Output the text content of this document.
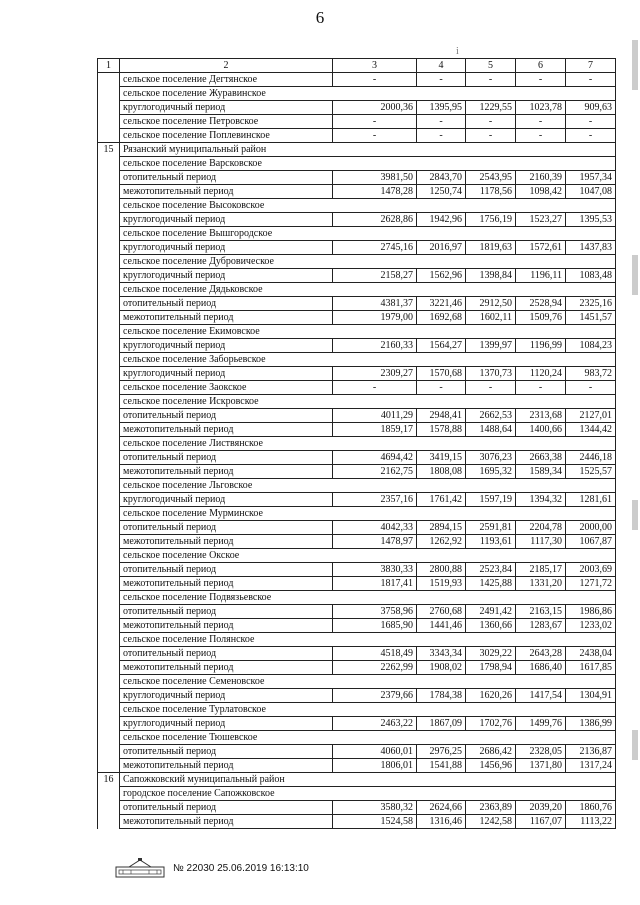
6
i
1	2	3	4	5	6	7
	сельское поселение Дегтянское	-	-	-	-	-
	сельское поселение Журавинское					
	круглогодичный период	2000,36	1395,95	1229,55	1023,78	909,63
	сельское поселение Петровское	-	-	-	-	-
	сельское поселение Поплевинское	-	-	-	-	-
15	Рязанский муниципальный район					
	сельское поселение Варсковское					
	отопительный период	3981,50	2843,70	2543,95	2160,39	1957,34
	межотопительный период	1478,28	1250,74	1178,56	1098,42	1047,08
	сельское поселение Высоковское					
	круглогодичный период	2628,86	1942,96	1756,19	1523,27	1395,53
	сельское поселение Вышгородское					
	круглогодичный период	2745,16	2016,97	1819,63	1572,61	1437,83
	сельское поселение Дубровическое					
	круглогодичный период	2158,27	1562,96	1398,84	1196,11	1083,48
	сельское поселение Дядьковское					
	отопительный период	4381,37	3221,46	2912,50	2528,94	2325,16
	межотопительный период	1979,00	1692,68	1602,11	1509,76	1451,57
	сельское поселение Екимовское					
	круглогодичный период	2160,33	1564,27	1399,97	1196,99	1084,23
	сельское поселение Заборьевское					
	круглогодичный период	2309,27	1570,68	1370,73	1120,24	983,72
	сельское поселение Заокское	-	-	-	-	-
	сельское поселение Искровское					
	отопительный период	4011,29	2948,41	2662,53	2313,68	2127,01
	межотопительный период	1859,17	1578,88	1488,64	1400,66	1344,42
	сельское поселение Листвянское					
	отопительный период	4694,42	3419,15	3076,23	2663,38	2446,18
	межотопительный период	2162,75	1808,08	1695,32	1589,34	1525,57
	сельское поселение Льговское					
	круглогодичный период	2357,16	1761,42	1597,19	1394,32	1281,61
	сельское поселение Мурминское					
	отопительный период	4042,33	2894,15	2591,81	2204,78	2000,00
	межотопительный период	1478,97	1262,92	1193,61	1117,30	1067,87
	сельское поселение Окское					
	отопительный период	3830,33	2800,88	2523,84	2185,17	2003,69
	межотопительный период	1817,41	1519,93	1425,88	1331,20	1271,72
	сельское поселение Подвязьевское					
	отопительный период	3758,96	2760,68	2491,42	2163,15	1986,86
	межотопительный период	1685,90	1441,46	1360,66	1283,67	1233,02
	сельское поселение Полянское					
	отопительный период	4518,49	3343,34	3029,22	2643,28	2438,04
	межотопительный период	2262,99	1908,02	1798,94	1686,40	1617,85
	сельское поселение Семеновское					
	круглогодичный период	2379,66	1784,38	1620,26	1417,54	1304,91
	сельское поселение Турлатовское					
	круглогодичный период	2463,22	1867,09	1702,76	1499,76	1386,99
	сельское поселение Тюшевское					
	отопительный период	4060,01	2976,25	2686,42	2328,05	2136,87
	межотопительный период	1806,01	1541,88	1456,96	1371,80	1317,24
16	Сапожковский муниципальный район					
	городское поселение Сапожковское					
	отопительный период	3580,32	2624,66	2363,89	2039,20	1860,76
	межотопительный период	1524,58	1316,46	1242,58	1167,07	1113,22
№ 22030 25.06.2019 16:13:10
